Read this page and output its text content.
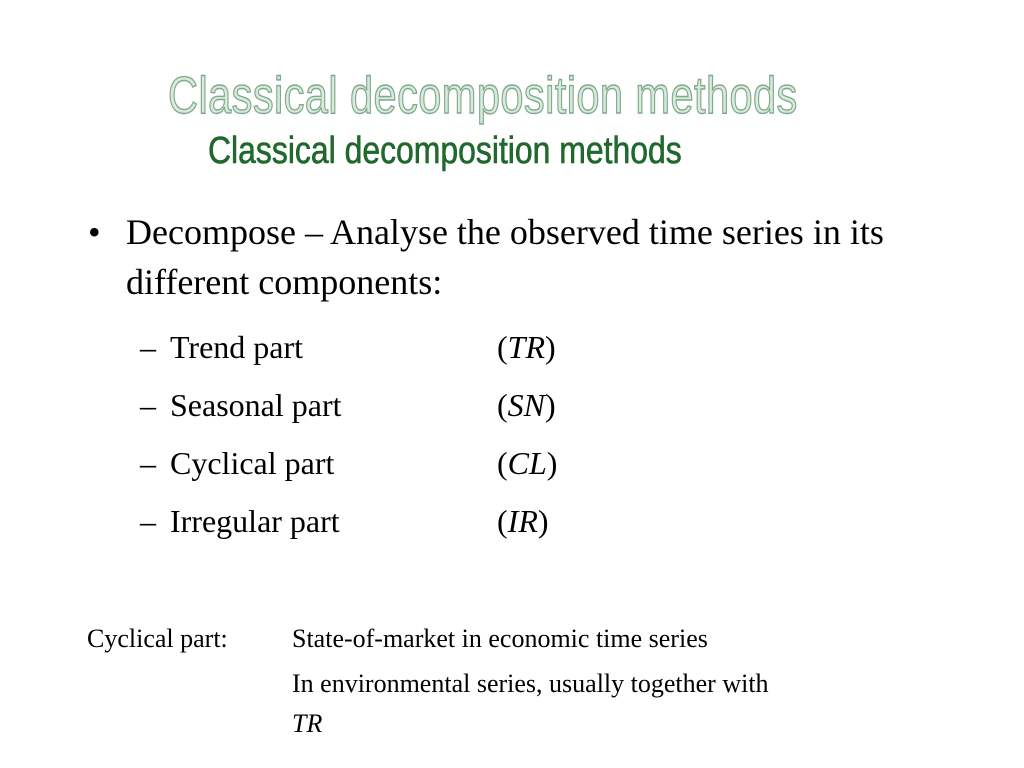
Classical decomposition methods
Classical decomposition methods
• Decompose – Analyse the observed time series in its different components:
– Trend part	(TR)
– Seasonal part	(SN)
– Cyclical part	(CL)
– Irregular part	(IR)
Cyclical part: State-of-market in economic time series
In environmental series, usually together with
TR
